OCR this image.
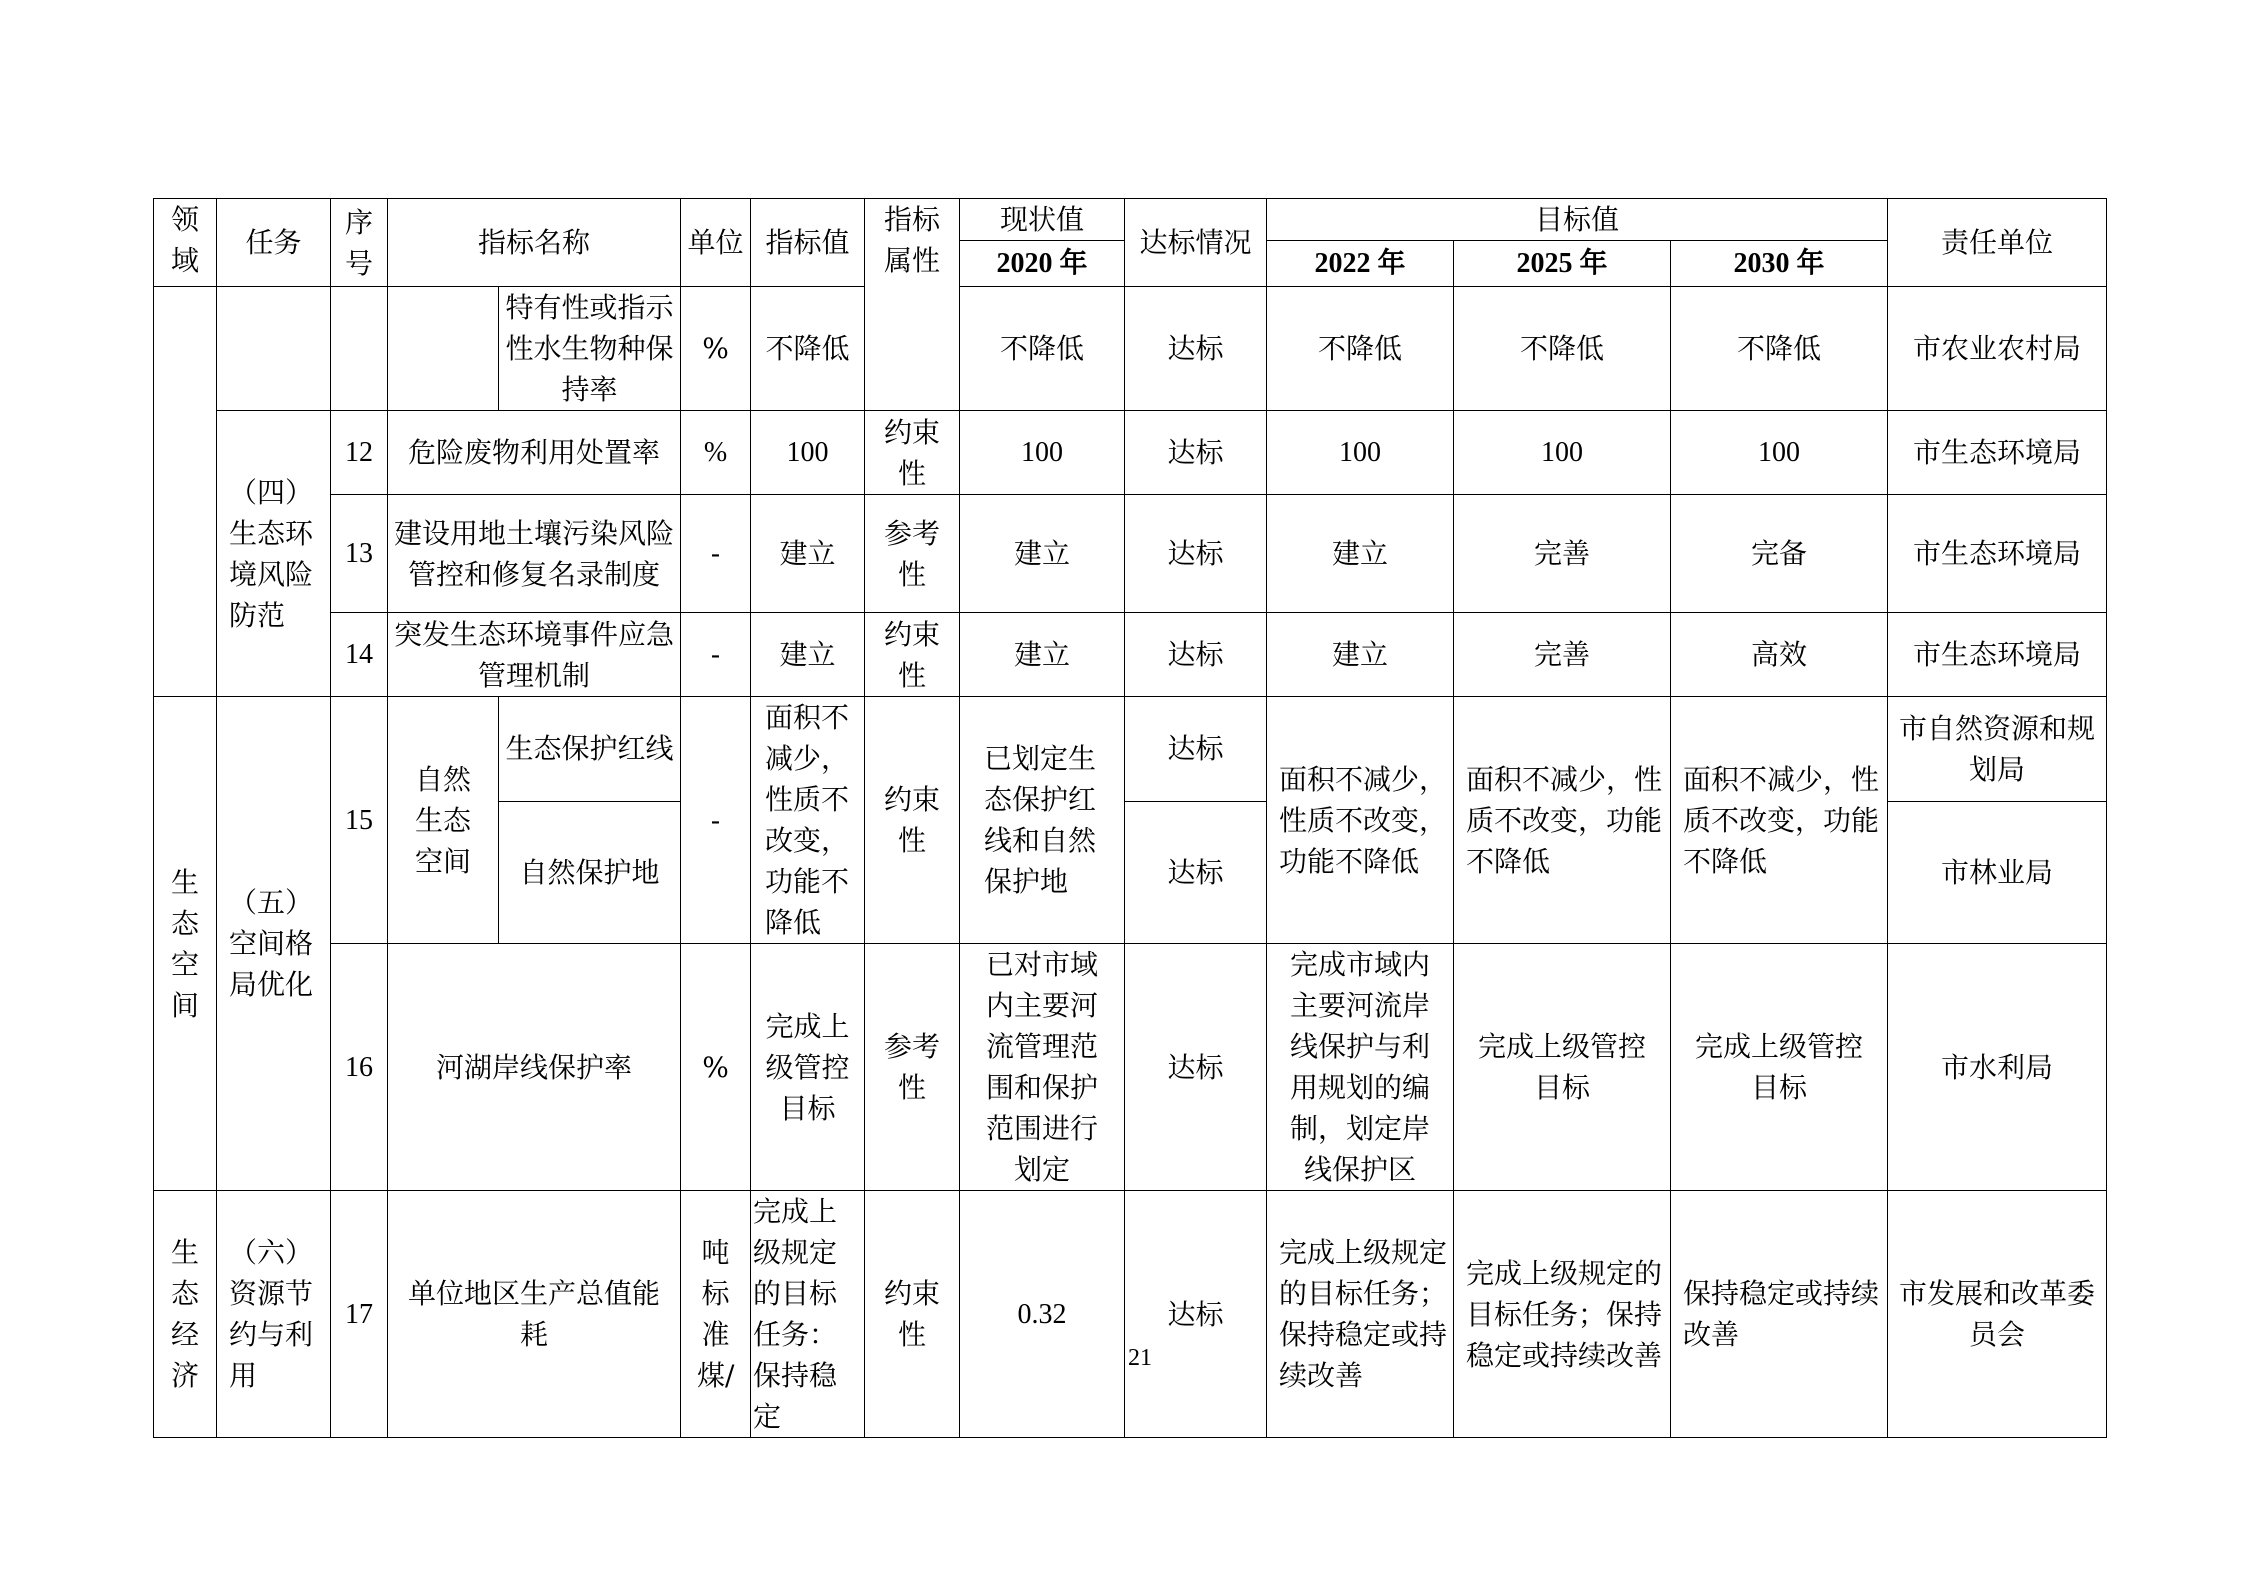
领域	任务	序号	指标名称		单位	指标值	指标属性	现状值	达标情况	目标值			责任单位
								2020 年		2022 年	2025 年	2030 年	
				特有性或指示性水生物种保持率	%	不降低		不降低	达标	不降低	不降低	不降低	市农业农村局
	（四）生态环境风险防范	12	危险废物利用处置率		%	100	约束性	100	达标	100	100	100	市生态环境局
		13	建设用地土壤污染风险管控和修复名录制度		-	建立	参考性	建立	达标	建立	完善	完备	市生态环境局
		14	突发生态环境事件应急管理机制		-	建立	约束性	建立	达标	建立	完善	高效	市生态环境局
生态空间	（五）空间格局优化	15	自然生态空间	生态保护红线	-	面积不减少，性质不改变，功能不降低	约束性	已划定生态保护红线和自然保护地	达标	面积不减少，性质不改变，功能不降低	面积不减少，性质不改变，功能不降低	面积不减少，性质不改变，功能不降低	市自然资源和规划局
				自然保护地					达标				市林业局
		16	河湖岸线保护率		%	完成上级管控目标	参考性	已对市域内主要河流管理范围和保护范围进行划定	达标	完成市域内主要河流岸线保护与利用规划的编制，划定岸线保护区	完成上级管控目标	完成上级管控目标	市水利局
生态经济	（六）资源节约与利用	17	单位地区生产总值能耗		吨标准煤/	完成上级规定的目标任务：保持稳定	约束性	0.32	达标	完成上级规定的目标任务；保持稳定或持续改善	完成上级规定的目标任务；保持稳定或持续改善	保持稳定或持续改善	市发展和改革委员会
21
